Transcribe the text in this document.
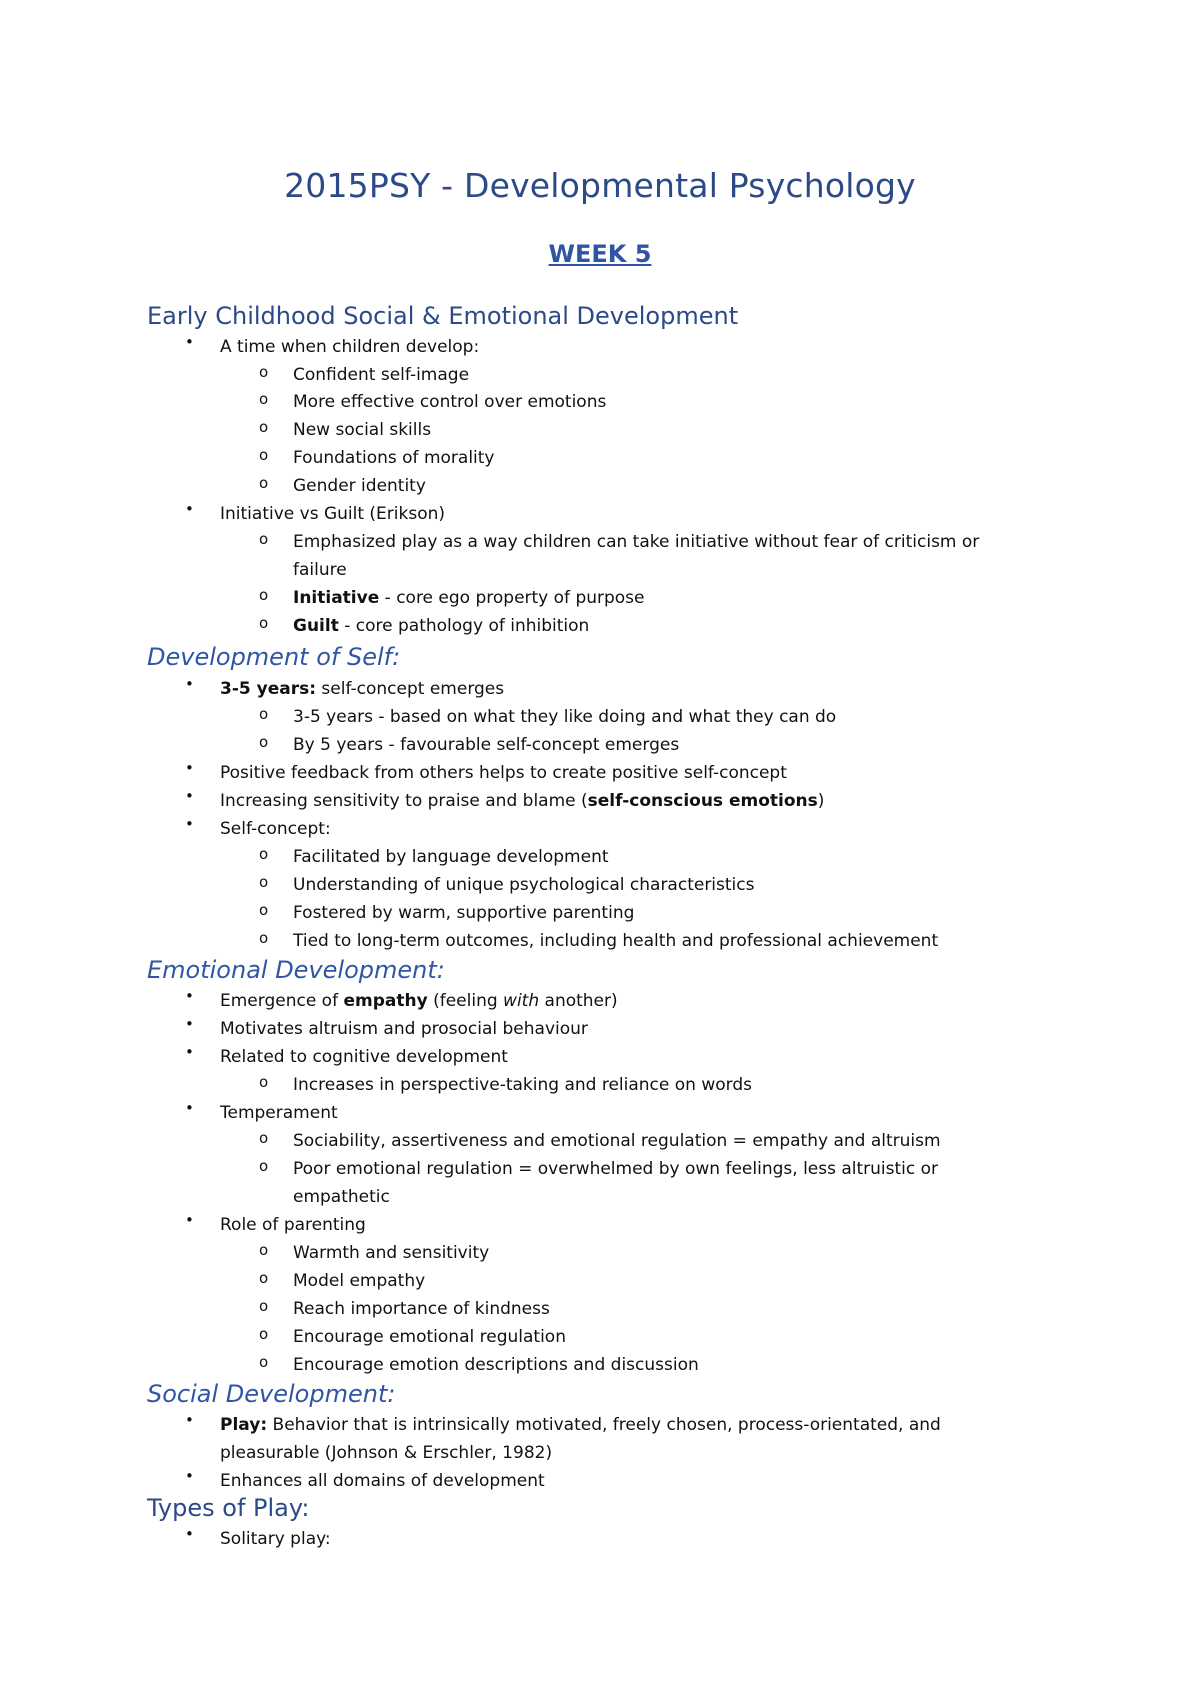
2015PSY - Developmental Psychology
WEEK 5
Early Childhood Social & Emotional Development
• A time when children develop:
o Confident self-image
o More effective control over emotions
o New social skills
o Foundations of morality
o Gender identity
• Initiative vs Guilt (Erikson)
o Emphasized play as a way children can take initiative without fear of criticism or
failure
o Initiative - core ego property of purpose
o Guilt - core pathology of inhibition
Development of Self:
• 3-5 years: self-concept emerges
o 3-5 years - based on what they like doing and what they can do
o By 5 years - favourable self-concept emerges
• Positive feedback from others helps to create positive self-concept
• Increasing sensitivity to praise and blame (self-conscious emotions)
• Self-concept:
o Facilitated by language development
o Understanding of unique psychological characteristics
o Fostered by warm, supportive parenting
o Tied to long-term outcomes, including health and professional achievement
Emotional Development:
• Emergence of empathy (feeling with another)
• Motivates altruism and prosocial behaviour
• Related to cognitive development
o Increases in perspective-taking and reliance on words
• Temperament
o Sociability, assertiveness and emotional regulation = empathy and altruism
o Poor emotional regulation = overwhelmed by own feelings, less altruistic or
empathetic
• Role of parenting
o Warmth and sensitivity
o Model empathy
o Reach importance of kindness
o Encourage emotional regulation
o Encourage emotion descriptions and discussion
Social Development:
• Play: Behavior that is intrinsically motivated, freely chosen, process-orientated, and
pleasurable (Johnson & Erschler, 1982)
• Enhances all domains of development
Types of Play:
• Solitary play:
